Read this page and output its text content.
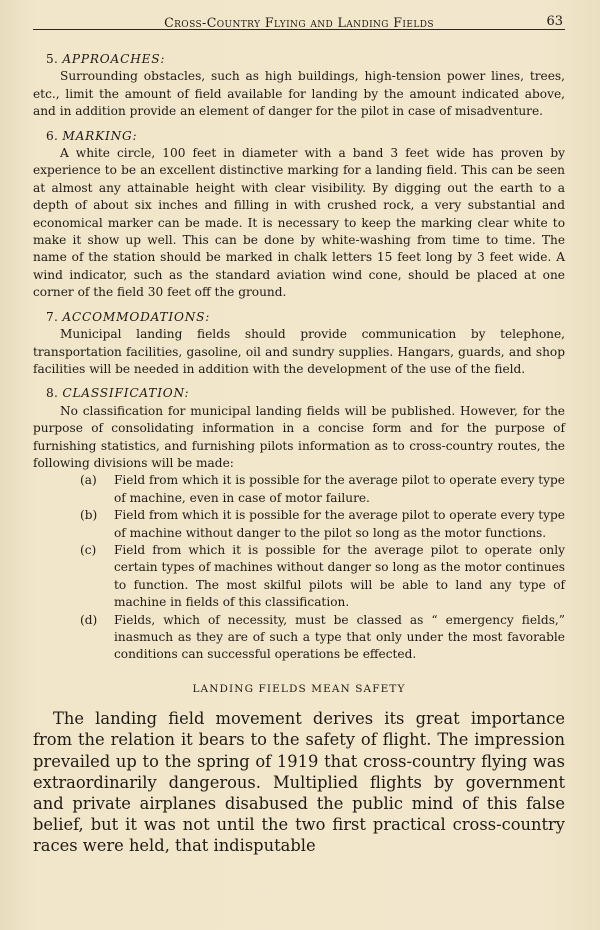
Cross-Country Flying and Landing Fields	63
5. APPROACHES:

Surrounding obstacles, such as high buildings, high-tension power lines, trees, etc., limit the amount of field available for landing by the amount indicated above, and in addition provide an element of danger for the pilot in case of misadventure.

6. MARKING:

A white circle, 100 feet in diameter with a band 3 feet wide has proven by experience to be an excellent distinctive marking for a landing field. This can be seen at almost any attainable height with clear visibility. By digging out the earth to a depth of about six inches and filling in with crushed rock, a very substantial and economical marker can be made. It is necessary to keep the marking clear white to make it show up well. This can be done by white-washing from time to time. The name of the station should be marked in chalk letters 15 feet long by 3 feet wide. A wind indicator, such as the standard aviation wind cone, should be placed at one corner of the field 30 feet off the ground.

7. ACCOMMODATIONS:

Municipal landing fields should provide communication by telephone, transportation facilities, gasoline, oil and sundry supplies. Hangars, guards, and shop facilities will be needed in addition with the development of the use of the field.

8. CLASSIFICATION:

No classification for municipal landing fields will be published. However, for the purpose of consolidating information in a concise form and for the purpose of furnishing statistics, and furnishing pilots information as to cross-country routes, the following divisions will be made:

(a) Field from which it is possible for the average pilot to operate every type of machine, even in case of motor failure.
(b) Field from which it is possible for the average pilot to operate every type of machine without danger to the pilot so long as the motor functions.
(c) Field from which it is possible for the average pilot to operate only certain types of machines without danger so long as the motor continues to function. The most skilful pilots will be able to land any type of machine in fields of this classification.
(d) Fields, which of necessity, must be classed as “ emergency fields,” inasmuch as they are of such a type that only under the most favorable conditions can successful operations be effected.
LANDING FIELDS MEAN SAFETY

The landing field movement derives its great importance from the relation it bears to the safety of flight. The impression prevailed up to the spring of 1919 that cross-country flying was extraordinarily dangerous. Multiplied flights by government and private airplanes disabused the public mind of this false belief, but it was not until the two first practical cross-country races were held, that indisputable
